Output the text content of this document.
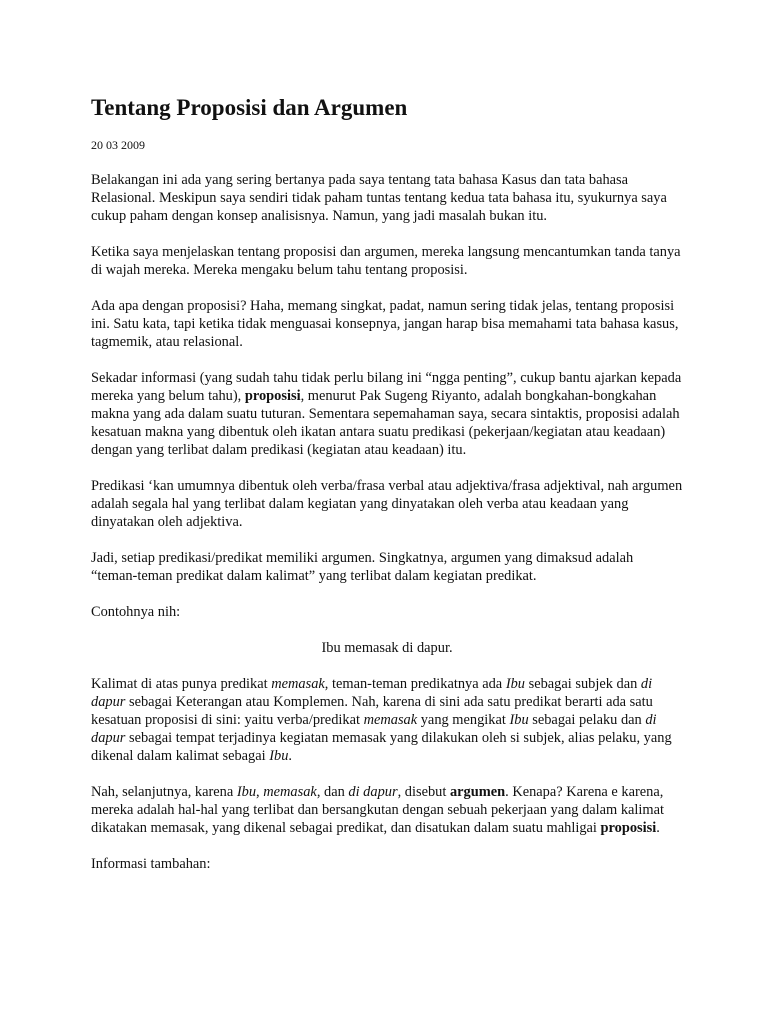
Tentang Proposisi dan Argumen
20 03 2009

Belakangan ini ada yang sering bertanya pada saya tentang tata bahasa Kasus dan tata bahasa Relasional. Meskipun saya sendiri tidak paham tuntas tentang kedua tata bahasa itu, syukurnya saya cukup paham dengan konsep analisisnya. Namun, yang jadi masalah bukan itu.

Ketika saya menjelaskan tentang proposisi dan argumen, mereka langsung mencantumkan tanda tanya di wajah mereka. Mereka mengaku belum tahu tentang proposisi.

Ada apa dengan proposisi? Haha, memang singkat, padat, namun sering tidak jelas, tentang proposisi ini. Satu kata, tapi ketika tidak menguasai konsepnya, jangan harap bisa memahami tata bahasa kasus, tagmemik, atau relasional.

Sekadar informasi (yang sudah tahu tidak perlu bilang ini “ngga penting”, cukup bantu ajarkan kepada mereka yang belum tahu), proposisi, menurut Pak Sugeng Riyanto, adalah bongkahan-bongkahan makna yang ada dalam suatu tuturan. Sementara sepemahaman saya, secara sintaktis, proposisi adalah kesatuan makna yang dibentuk oleh ikatan antara suatu predikasi (pekerjaan/kegiatan atau keadaan) dengan yang terlibat dalam predikasi (kegiatan atau keadaan) itu.

Predikasi ‘kan umumnya dibentuk oleh verba/frasa verbal atau adjektiva/frasa adjektival, nah argumen adalah segala hal yang terlibat dalam kegiatan yang dinyatakan oleh verba atau keadaan yang dinyatakan oleh adjektiva.

Jadi, setiap predikasi/predikat memiliki argumen. Singkatnya, argumen yang dimaksud adalah “teman-teman predikat dalam kalimat” yang terlibat dalam kegiatan predikat.

Contohnya nih:

Ibu memasak di dapur.

Kalimat di atas punya predikat memasak, teman-teman predikatnya ada Ibu sebagai subjek dan di dapur sebagai Keterangan atau Komplemen. Nah, karena di sini ada satu predikat berarti ada satu kesatuan proposisi di sini: yaitu verba/predikat memasak yang mengikat Ibu sebagai pelaku dan di dapur sebagai tempat terjadinya kegiatan memasak yang dilakukan oleh si subjek, alias pelaku, yang dikenal dalam kalimat sebagai Ibu.

Nah, selanjutnya, karena Ibu, memasak, dan di dapur, disebut argumen. Kenapa? Karena e karena, mereka adalah hal-hal yang terlibat dan bersangkutan dengan sebuah pekerjaan yang dalam kalimat dikatakan memasak, yang dikenal sebagai predikat, dan disatukan dalam suatu mahligai proposisi.

Informasi tambahan:
